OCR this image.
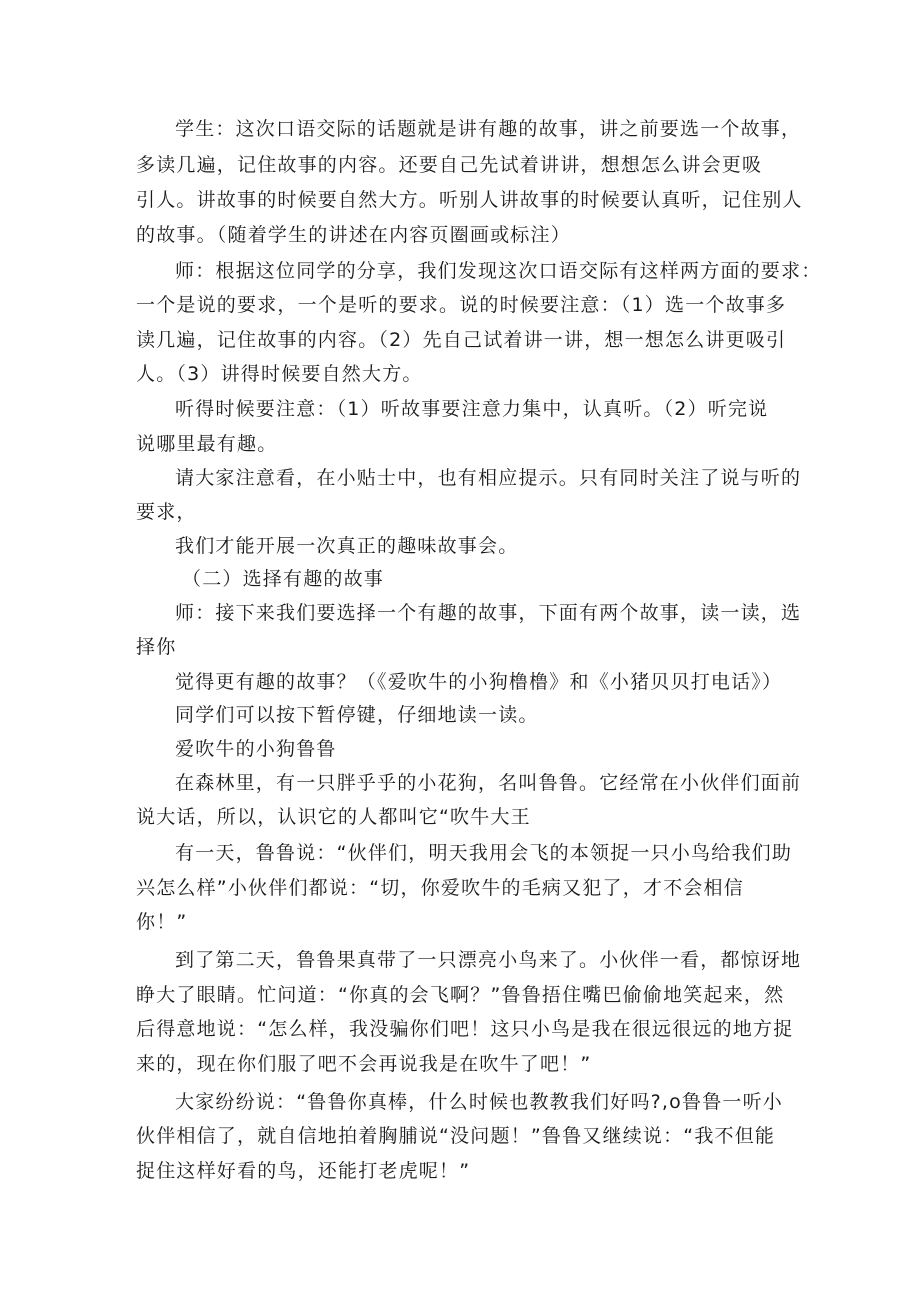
学生：这次口语交际的话题就是讲有趣的故事，讲之前要选一个故事，
多读几遍，记住故事的内容。还要自己先试着讲讲，想想怎么讲会更吸
引人。讲故事的时候要自然大方。听别人讲故事的时候要认真听，记住别人
的故事。（随着学生的讲述在内容页圈画或标注）
师：根据这位同学的分享，我们发现这次口语交际有这样两方面的要求：
一个是说的要求，一个是听的要求。说的时候要注意：（1）选一个故事多
读几遍，记住故事的内容。（2）先自己试着讲一讲，想一想怎么讲更吸引
人。（3）讲得时候要自然大方。
听得时候要注意：（1）听故事要注意力集中，认真听。（2）听完说
说哪里最有趣。
请大家注意看，在小贴士中，也有相应提示。只有同时关注了说与听的
要求，
我们才能开展一次真正的趣味故事会。
（二）选择有趣的故事
师：接下来我们要选择一个有趣的故事，下面有两个故事，读一读，选
择你
觉得更有趣的故事？（《爱吹牛的小狗橹橹》和《小猪贝贝打电话》）
同学们可以按下暂停键，仔细地读一读。
爱吹牛的小狗鲁鲁
在森林里，有一只胖乎乎的小花狗，名叫鲁鲁。它经常在小伙伴们面前
说大话，所以，认识它的人都叫它“吹牛大王
有一天，鲁鲁说：“伙伴们，明天我用会飞的本领捉一只小鸟给我们助
兴怎么样”小伙伴们都说：“切，你爱吹牛的毛病又犯了，才不会相信
你！”
到了第二天，鲁鲁果真带了一只漂亮小鸟来了。小伙伴一看，都惊讶地
睁大了眼睛。忙问道：“你真的会飞啊？”鲁鲁捂住嘴巴偷偷地笑起来，然
后得意地说：“怎么样，我没骗你们吧！这只小鸟是我在很远很远的地方捉
来的，现在你们服了吧不会再说我是在吹牛了吧！”
大家纷纷说：“鲁鲁你真棒，什么时候也教教我们好吗?,o鲁鲁一听小
伙伴相信了，就自信地拍着胸脯说“没问题！”鲁鲁又继续说：“我不但能
捉住这样好看的鸟，还能打老虎呢！”
